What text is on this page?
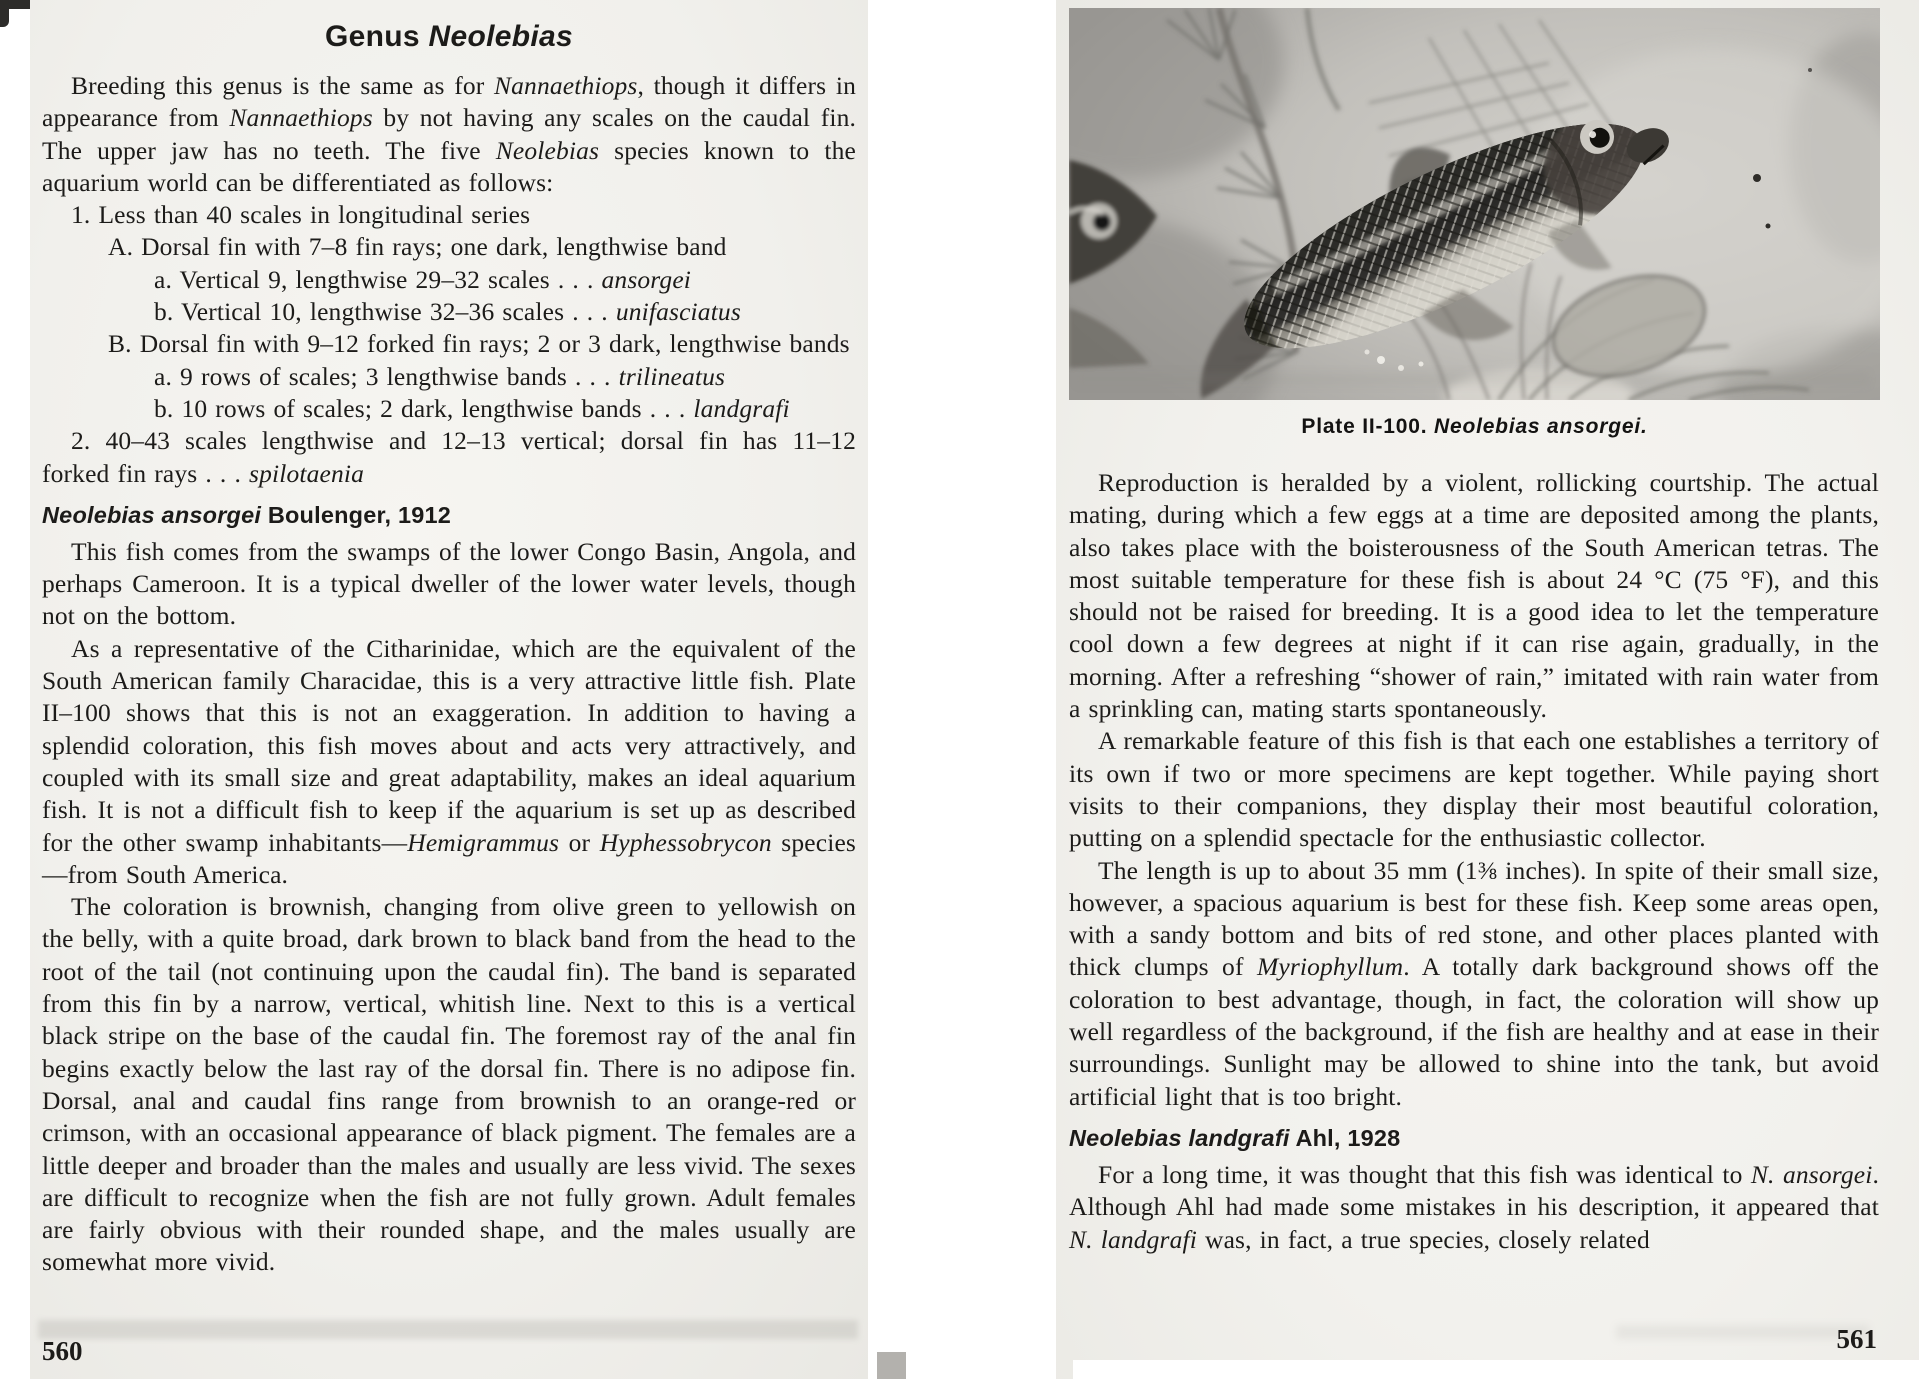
Genus Neolebias

Breeding this genus is the same as for Nannaethiops, though it differs in appearance from Nannaethiops by not having any scales on the caudal fin. The upper jaw has no teeth. The five Neolebias species known to the aquarium world can be differentiated as follows:

1. Less than 40 scales in longitudinal series

A. Dorsal fin with 7–8 fin rays; one dark, lengthwise band

a. Vertical 9, lengthwise 29–32 scales . . . ansorgei

b. Vertical 10, lengthwise 32–36 scales . . . unifasciatus

B. Dorsal fin with 9–12 forked fin rays; 2 or 3 dark, lengthwise bands

a. 9 rows of scales; 3 lengthwise bands . . . trilineatus

b. 10 rows of scales; 2 dark, lengthwise bands . . . landgrafi

2. 40–43 scales lengthwise and 12–13 vertical; dorsal fin has 11–12 forked fin rays . . . spilotaenia

Neolebias ansorgei Boulenger, 1912

This fish comes from the swamps of the lower Congo Basin, Angola, and perhaps Cameroon. It is a typical dweller of the lower water levels, though not on the bottom.

As a representative of the Citharinidae, which are the equivalent of the South American family Characidae, this is a very attractive little fish. Plate II–100 shows that this is not an exaggeration. In addition to having a splendid coloration, this fish moves about and acts very attractively, and coupled with its small size and great adaptability, makes an ideal aquarium fish. It is not a difficult fish to keep if the aquarium is set up as described for the other swamp inhabitants—Hemigrammus or Hyphessobrycon species—from South America.

The coloration is brownish, changing from olive green to yellowish on the belly, with a quite broad, dark brown to black band from the head to the root of the tail (not continuing upon the caudal fin). The band is separated from this fin by a narrow, vertical, whitish line. Next to this is a vertical black stripe on the base of the caudal fin. The foremost ray of the anal fin begins exactly below the last ray of the dorsal fin. There is no adipose fin. Dorsal, anal and caudal fins range from brownish to an orange-red or crimson, with an occasional appearance of black pigment. The females are a little deeper and broader than the males and usually are less vivid. The sexes are difficult to recognize when the fish are not fully grown. Adult females are fairly obvious with their rounded shape, and the males usually are somewhat more vivid.

560
Plate II-100. Neolebias ansorgei.

Reproduction is heralded by a violent, rollicking courtship. The actual mating, during which a few eggs at a time are deposited among the plants, also takes place with the boisterousness of the South American tetras. The most suitable temperature for these fish is about 24 °C (75 °F), and this should not be raised for breeding. It is a good idea to let the temperature cool down a few degrees at night if it can rise again, gradually, in the morning. After a refreshing “shower of rain,” imitated with rain water from a sprinkling can, mating starts spontaneously.

A remarkable feature of this fish is that each one establishes a territory of its own if two or more specimens are kept together. While paying short visits to their companions, they display their most beautiful coloration, putting on a splendid spectacle for the enthusiastic collector.

The length is up to about 35 mm (1⅜ inches). In spite of their small size, however, a spacious aquarium is best for these fish. Keep some areas open, with a sandy bottom and bits of red stone, and other places planted with thick clumps of Myriophyllum. A totally dark background shows off the coloration to best advantage, though, in fact, the coloration will show up well regardless of the background, if the fish are healthy and at ease in their surroundings. Sunlight may be allowed to shine into the tank, but avoid artificial light that is too bright.

Neolebias landgrafi Ahl, 1928

For a long time, it was thought that this fish was identical to N. ansorgei. Although Ahl had made some mistakes in his description, it appeared that N. landgrafi was, in fact, a true species, closely related

561
